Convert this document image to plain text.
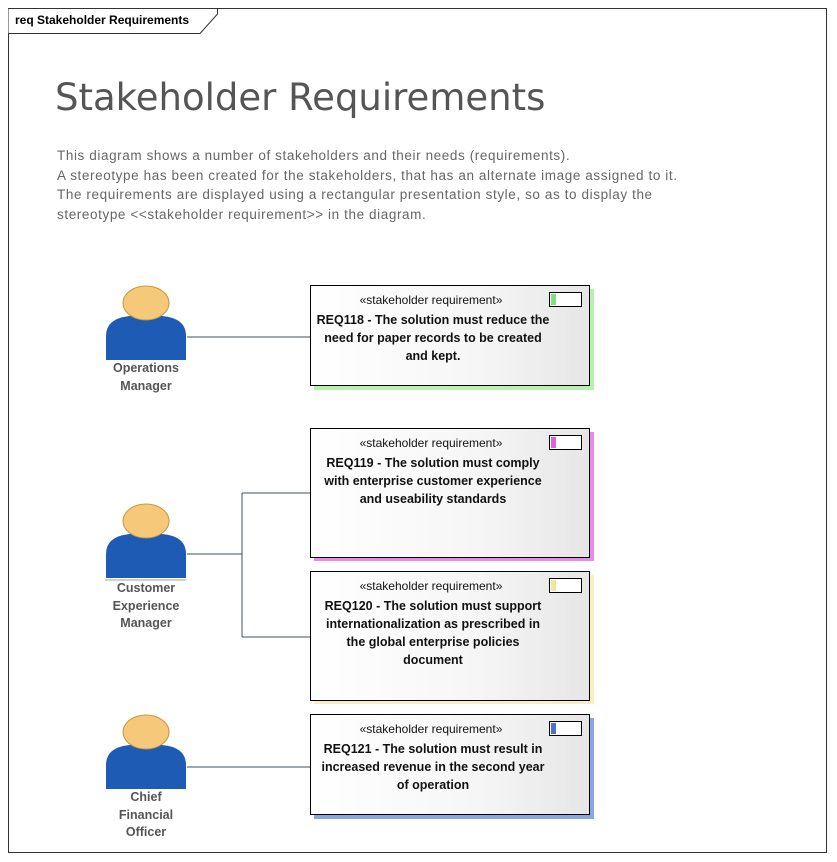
req Stakeholder Requirements
Stakeholder Requirements
This diagram shows a number of stakeholders and their needs (requirements).
A stereotype has been created for the stakeholders, that has an alternate image assigned to it.
The requirements are displayed using a rectangular presentation style, so as to display the
stereotype <<stakeholder requirement>> in the diagram.
Operations
Manager
Customer
Experience
Manager
Chief
Financial
Officer
«stakeholder requirement»
REQ118 - The solution must reduce the need for paper records to be created and kept.
«stakeholder requirement»
REQ119 - The solution must comply with enterprise customer experience and useability standards
«stakeholder requirement»
REQ120 - The solution must support internationalization as prescribed in the global enterprise policies document
«stakeholder requirement»
REQ121 - The solution must result in increased revenue in the second year of operation
